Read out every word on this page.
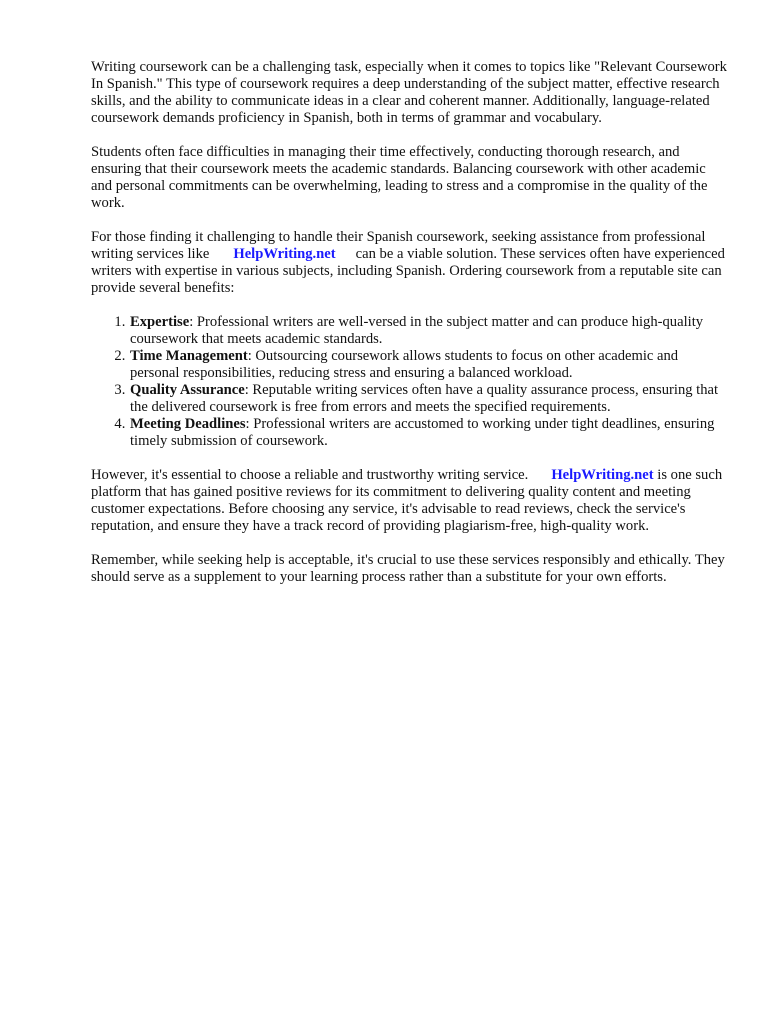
Writing coursework can be a challenging task, especially when it comes to topics like "Relevant Coursework In Spanish." This type of coursework requires a deep understanding of the subject matter, effective research skills, and the ability to communicate ideas in a clear and coherent manner. Additionally, language-related coursework demands proficiency in Spanish, both in terms of grammar and vocabulary.

Students often face difficulties in managing their time effectively, conducting thorough research, and ensuring that their coursework meets the academic standards. Balancing coursework with other academic and personal commitments can be overwhelming, leading to stress and a compromise in the quality of the work.

For those finding it challenging to handle their Spanish coursework, seeking assistance from professional writing services like HelpWriting.net can be a viable solution. These services often have experienced writers with expertise in various subjects, including Spanish. Ordering coursework from a reputable site can provide several benefits:

1. Expertise: Professional writers are well-versed in the subject matter and can produce high-quality coursework that meets academic standards.
2. Time Management: Outsourcing coursework allows students to focus on other academic and personal responsibilities, reducing stress and ensuring a balanced workload.
3. Quality Assurance: Reputable writing services often have a quality assurance process, ensuring that the delivered coursework is free from errors and meets the specified requirements.
4. Meeting Deadlines: Professional writers are accustomed to working under tight deadlines, ensuring timely submission of coursework.

However, it's essential to choose a reliable and trustworthy writing service. HelpWriting.net is one such platform that has gained positive reviews for its commitment to delivering quality content and meeting customer expectations. Before choosing any service, it's advisable to read reviews, check the service's reputation, and ensure they have a track record of providing plagiarism-free, high-quality work.

Remember, while seeking help is acceptable, it's crucial to use these services responsibly and ethically. They should serve as a supplement to your learning process rather than a substitute for your own efforts.
